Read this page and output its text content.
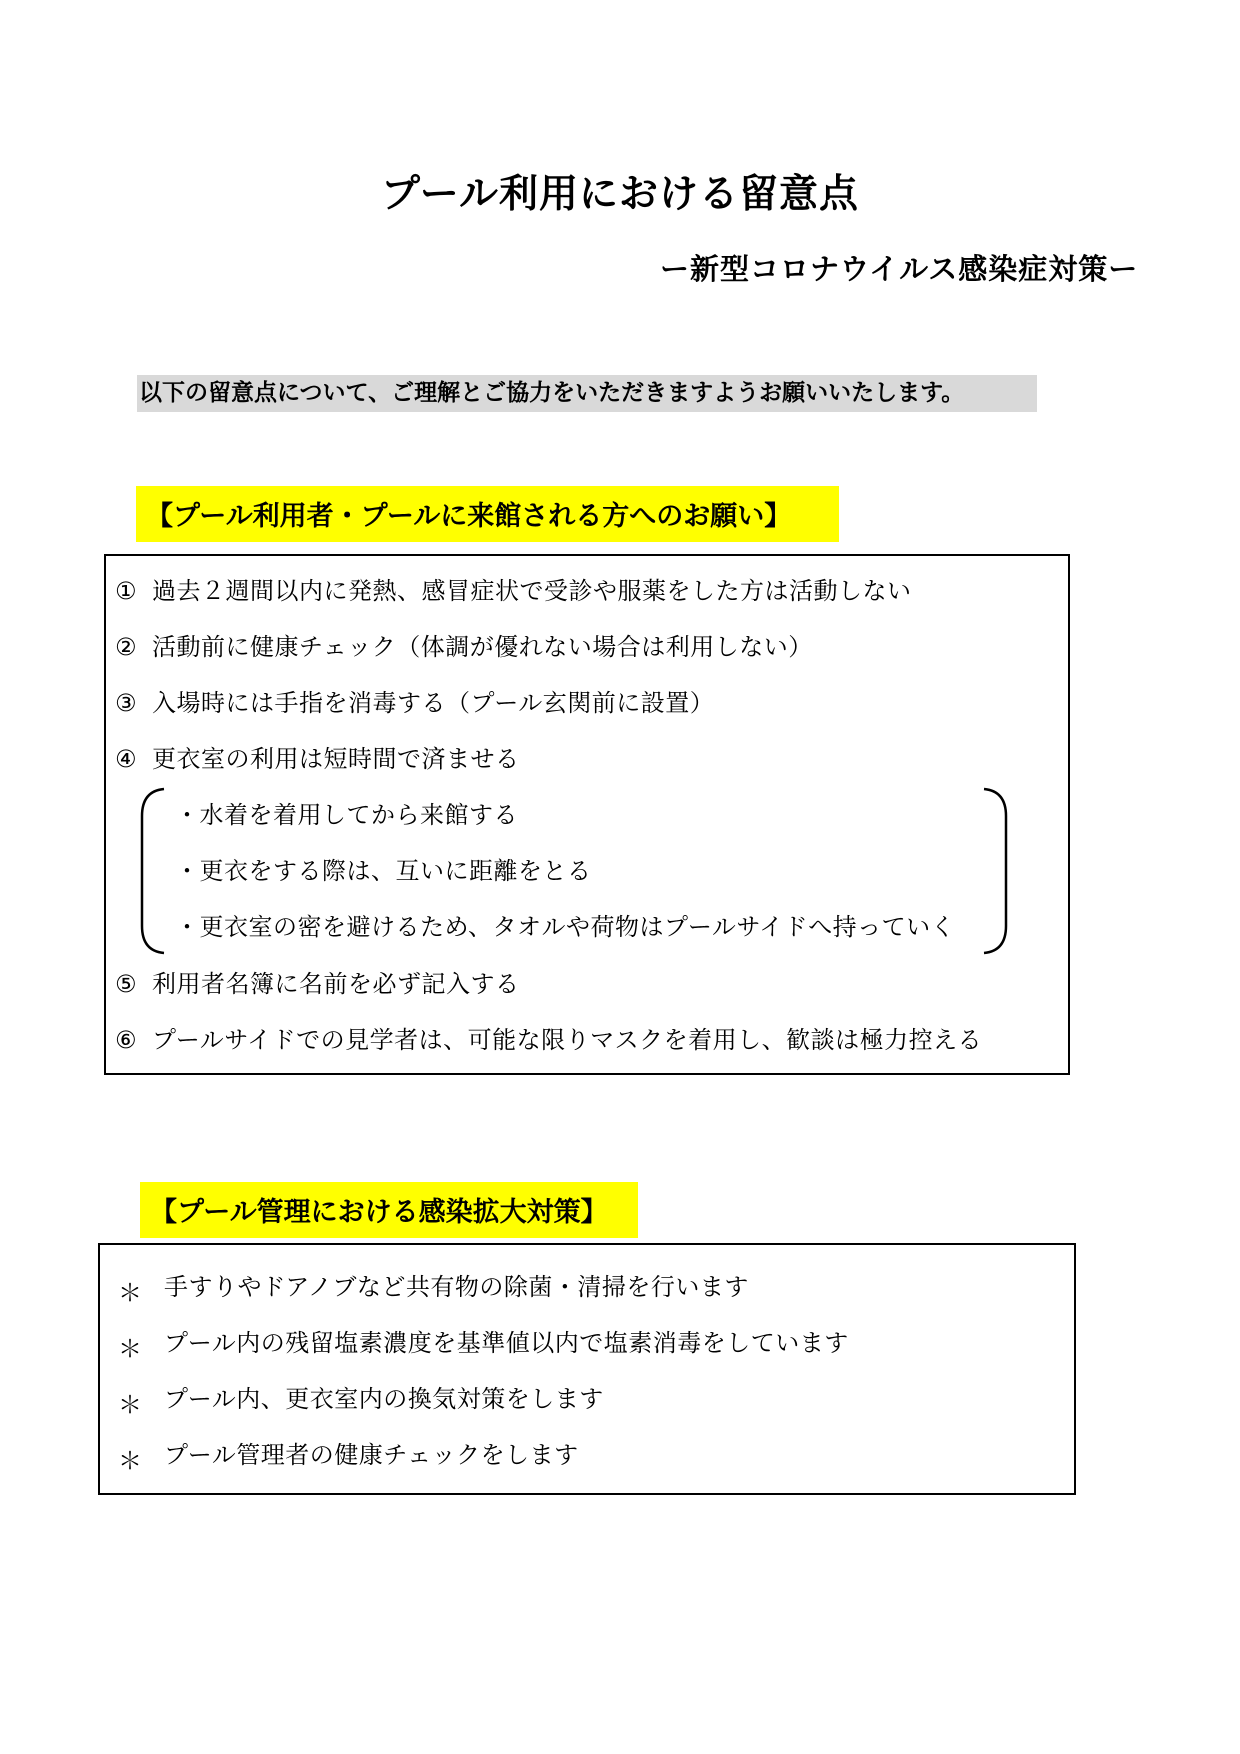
プール利用における留意点
ー新型コロナウイルス感染症対策ー
以下の留意点について、ご理解とご協力をいただきますようお願いいたします。
【プール利用者・プールに来館される方へのお願い】
① 過去２週間以内に発熱、感冒症状で受診や服薬をした方は活動しない
② 活動前に健康チェック（体調が優れない場合は利用しない）
③ 入場時には手指を消毒する（プール玄関前に設置）
④ 更衣室の利用は短時間で済ませる
・水着を着用してから来館する
・更衣をする際は、互いに距離をとる
・更衣室の密を避けるため、タオルや荷物はプールサイドへ持っていく
⑤ 利用者名簿に名前を必ず記入する
⑥ プールサイドでの見学者は、可能な限りマスクを着用し、歓談は極力控える
【プール管理における感染拡大対策】
＊ 手すりやドアノブなど共有物の除菌・清掃を行います
＊ プール内の残留塩素濃度を基準値以内で塩素消毒をしています
＊ プール内、更衣室内の換気対策をします
＊ プール管理者の健康チェックをします
